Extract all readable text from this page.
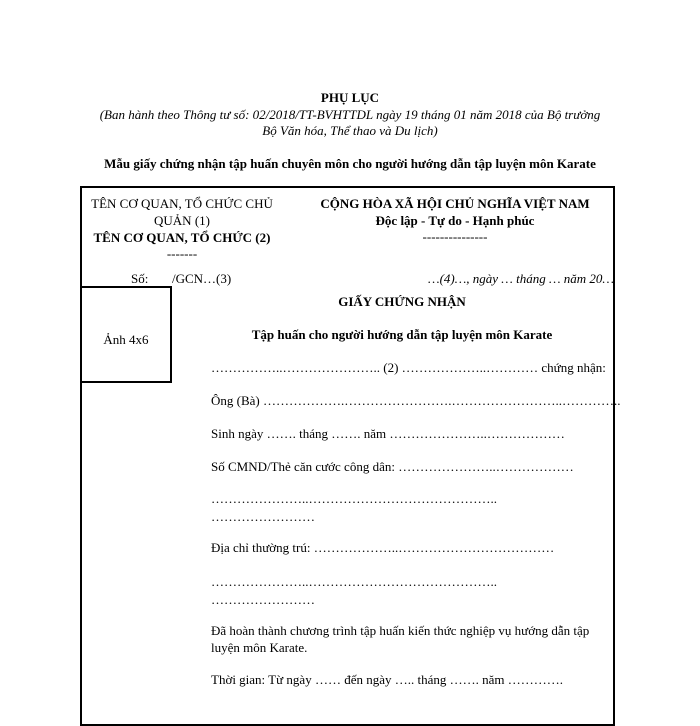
PHỤ LỤC
(Ban hành theo Thông tư số: 02/2018/TT-BVHTTDL ngày 19 tháng 01 năm 2018 của Bộ trưởng
Bộ Văn hóa, Thể thao và Du lịch)
Mẫu giấy chứng nhận tập huấn chuyên môn cho người hướng dẫn tập luyện môn Karate
TÊN CƠ QUAN, TỔ CHỨC CHỦ
QUẢN (1)
TÊN CƠ QUAN, TỔ CHỨC (2)
-------
Số: /GCN…(3)
CỘNG HÒA XÃ HỘI CHỦ NGHĨA VIỆT NAM
Độc lập - Tự do - Hạnh phúc
---------------
…(4)…, ngày … tháng … năm 20…
Ảnh 4x6
GIẤY CHỨNG NHẬN
Tập huấn cho người hướng dẫn tập luyện môn Karate
……………..………………….. (2) ………………..………… chứng nhận:
Ông (Bà) ……………….…………………….……………………..…………..
Sinh ngày ……. tháng ……. năm …………………..………………
Số CMND/Thẻ căn cước công dân: …………………..………………
…………………..……………………………………..
……………………
Địa chỉ thường trú: ………………..………………………………
…………………..……………………………………..
……………………
Đã hoàn thành chương trình tập huấn kiến thức nghiệp vụ hướng dẫn tập
luyện môn Karate.
Thời gian: Từ ngày …… đến ngày ….. tháng ……. năm ………….
